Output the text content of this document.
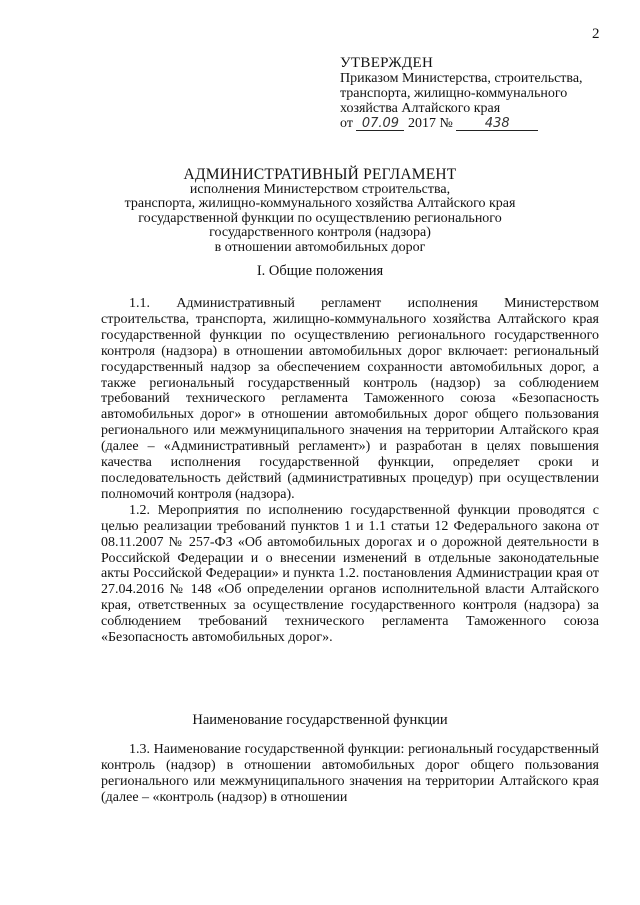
2
УТВЕРЖДЕН
Приказом Министерства, строительства,
транспорта, жилищно-коммунального
хозяйства Алтайского края
от 07.09 2017 № 438
АДМИНИСТРАТИВНЫЙ РЕГЛАМЕНТ
исполнения Министерством строительства,
транспорта, жилищно-коммунального хозяйства Алтайского края
государственной функции по осуществлению регионального
государственного контроля (надзора)
в отношении автомобильных дорог
I. Общие положения

1.1. Административный регламент исполнения Министерством строительства, транспорта, жилищно-коммунального хозяйства Алтайского края государственной функции по осуществлению регионального государственного контроля (надзора) в отношении автомобильных дорог включает: региональный государственный надзор за обеспечением сохранности автомобильных дорог, а также региональный государственный контроль (надзор) за соблюдением требований технического регламента Таможенного союза «Безопасность автомобильных дорог» в отношении автомобильных дорог общего пользования регионального или межмуниципального значения на территории Алтайского края (далее – «Административный регламент») и разработан в целях повышения качества исполнения государственной функции, определяет сроки и последовательность действий (административных процедур) при осуществлении полномочий контроля (надзора).

1.2. Мероприятия по исполнению государственной функции проводятся с целью реализации требований пунктов 1 и 1.1 статьи 12 Федерального закона от 08.11.2007 № 257-ФЗ «Об автомобильных дорогах и о дорожной деятельности в Российской Федерации и о внесении изменений в отдельные законодательные акты Российской Федерации» и пункта 1.2. постановления Администрации края от 27.04.2016 № 148 «Об определении органов исполнительной власти Алтайского края, ответственных за осуществление государственного контроля (надзора) за соблюдением требований технического регламента Таможенного союза «Безопасность автомобильных дорог».

Наименование государственной функции

1.3. Наименование государственной функции: региональный государственный контроль (надзор) в отношении автомобильных дорог общего пользования регионального или межмуниципального значения на территории Алтайского края (далее – «контроль (надзор) в отношении
